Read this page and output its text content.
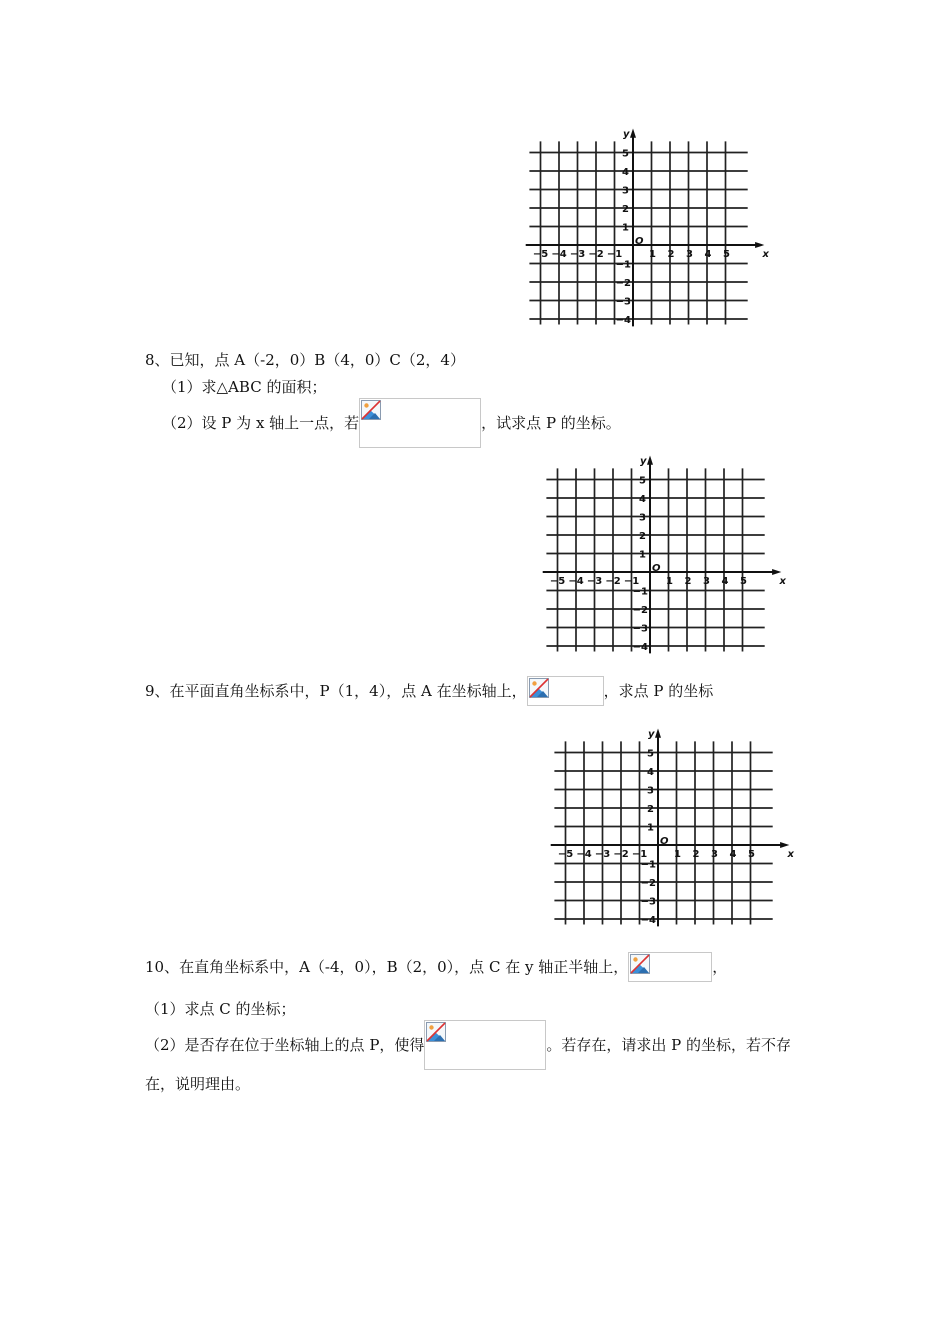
−5 −4 −3 −2 −1	1 2 3 4 5
5
4
3
2
1
−1
−2
−3
−4
O
x
y
8、已知，点 A（-2，0）B（4，0）C（2，4）
（1）求△ABC 的面积；
（2）设 P 为 x 轴上一点，若	，试求点 P 的坐标。
−5 −4 −3 −2 −1	1 2 3 4 5
5
4
3
2
1
−1
−2
−3
−4
O
x
y
9、在平面直角坐标系中，P（1，4），点 A 在坐标轴上，	，求点 P 的坐标
−5 −4 −3 −2 −1	1 2 3 4 5
5
4
3
2
1
−1
−2
−3
−4
O
x
y
10、在直角坐标系中，A（-4，0），B（2，0），点 C 在 y 轴正半轴上，	，
（1）求点 C 的坐标；
（2）是否存在位于坐标轴上的点 P，使得	。若存在，请求出 P 的坐标，若不存
在，说明理由。
